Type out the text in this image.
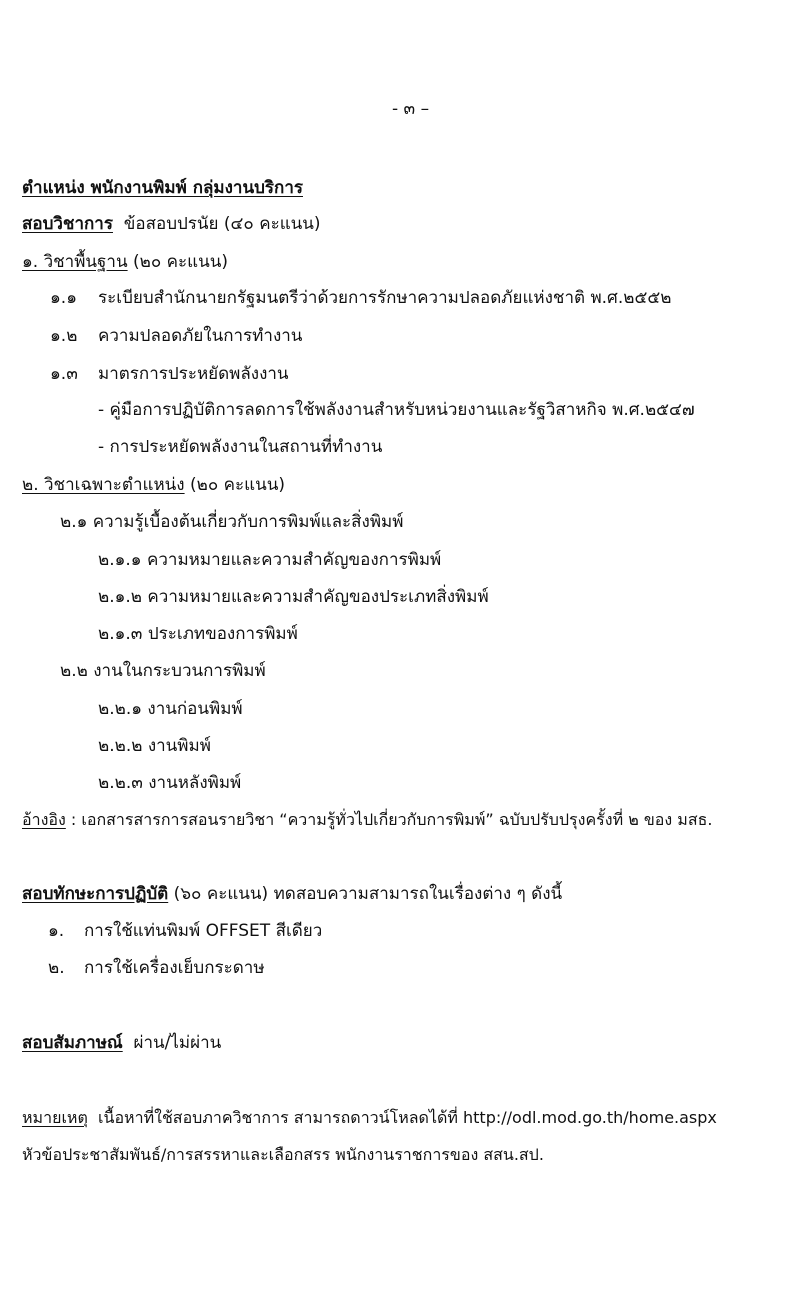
- ๓ –
ตำแหน่ง พนักงานพิมพ์ กลุ่มงานบริการ
สอบวิชาการ ข้อสอบปรนัย (๔๐ คะแนน)
๑. วิชาพื้นฐาน (๒๐ คะแนน)
๑.๑ ระเบียบสำนักนายกรัฐมนตรีว่าด้วยการรักษาความปลอดภัยแห่งชาติ พ.ศ.๒๕๕๒
๑.๒ ความปลอดภัยในการทำงาน
๑.๓ มาตรการประหยัดพลังงาน
- คู่มือการปฏิบัติการลดการใช้พลังงานสำหรับหน่วยงานและรัฐวิสาหกิจ พ.ศ.๒๕๔๗
- การประหยัดพลังงานในสถานที่ทำงาน
๒. วิชาเฉพาะตำแหน่ง (๒๐ คะแนน)
๒.๑ ความรู้เบื้องต้นเกี่ยวกับการพิมพ์และสิ่งพิมพ์
๒.๑.๑ ความหมายและความสำคัญของการพิมพ์
๒.๑.๒ ความหมายและความสำคัญของประเภทสิ่งพิมพ์
๒.๑.๓ ประเภทของการพิมพ์
๒.๒ งานในกระบวนการพิมพ์
๒.๒.๑ งานก่อนพิมพ์
๒.๒.๒ งานพิมพ์
๒.๒.๓ งานหลังพิมพ์
อ้างอิง : เอกสารสารการสอนรายวิชา “ความรู้ทั่วไปเกี่ยวกับการพิมพ์” ฉบับปรับปรุงครั้งที่ ๒ ของ มสธ.
สอบทักษะการปฏิบัติ (๖๐ คะแนน) ทดสอบความสามารถในเรื่องต่าง ๆ ดังนี้
๑. การใช้แท่นพิมพ์ OFFSET สีเดียว
๒. การใช้เครื่องเย็บกระดาษ
สอบสัมภาษณ์ ผ่าน/ไม่ผ่าน
หมายเหตุ เนื้อหาที่ใช้สอบภาควิชาการ สามารถดาวน์โหลดได้ที่ http://odl.mod.go.th/home.aspx
หัวข้อประชาสัมพันธ์/การสรรหาและเลือกสรร พนักงานราชการของ สสน.สป.
